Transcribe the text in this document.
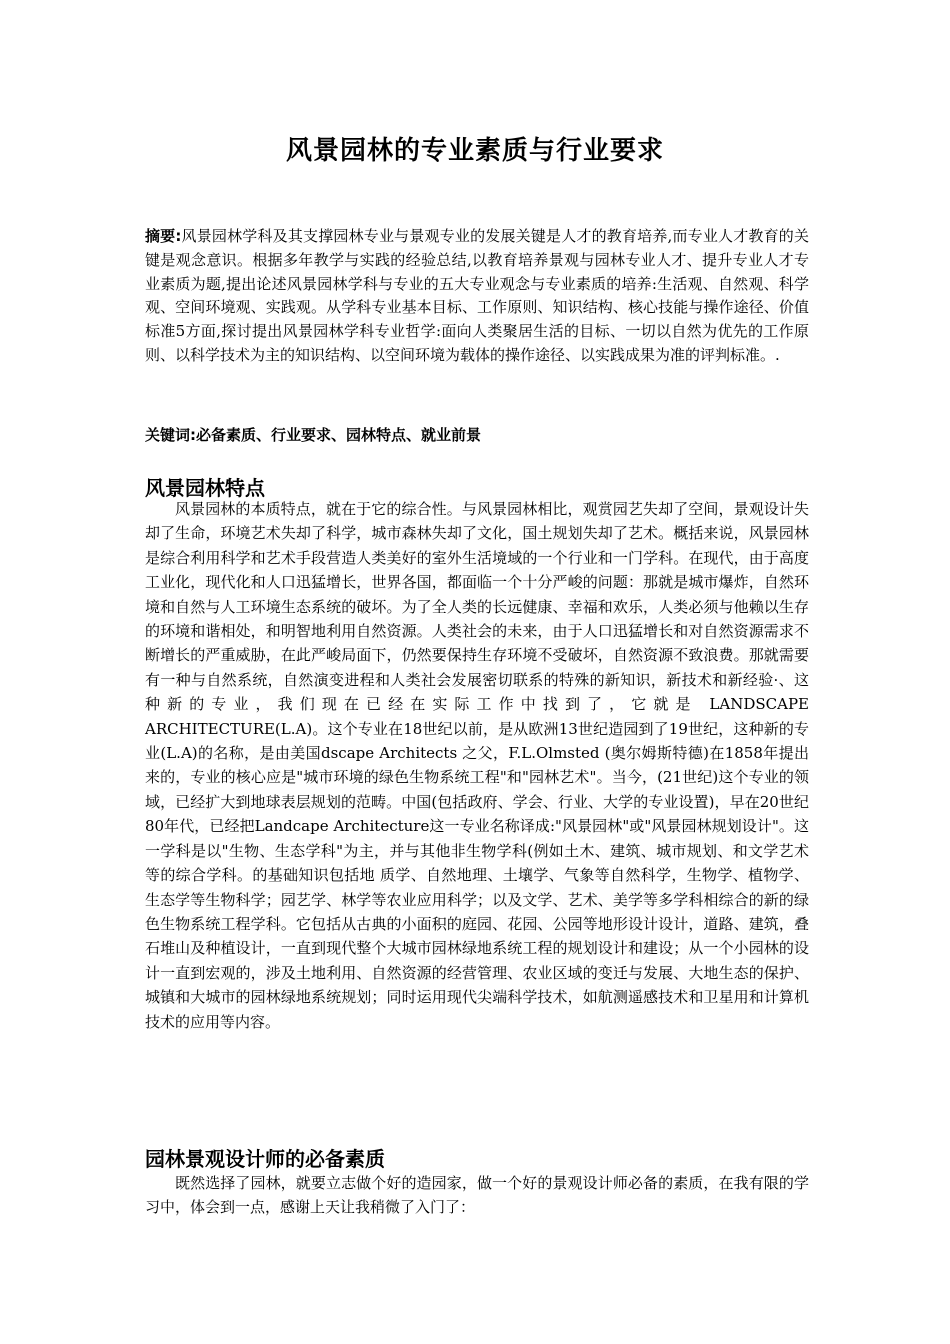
风景园林的专业素质与行业要求
摘要:风景园林学科及其支撑园林专业与景观专业的发展关键是人才的教育培养,而专业人才教育的关键是观念意识。根据多年教学与实践的经验总结,以教育培养景观与园林专业人才、提升专业人才专业素质为题,提出论述风景园林学科与专业的五大专业观念与专业素质的培养:生活观、自然观、科学观、空间环境观、实践观。从学科专业基本目标、工作原则、知识结构、核心技能与操作途径、价值标准5方面,探讨提出风景园林学科专业哲学:面向人类聚居生活的目标、一切以自然为优先的工作原则、以科学技术为主的知识结构、以空间环境为载体的操作途径、以实践成果为准的评判标准。.
关键词:必备素质、行业要求、园林特点、就业前景
风景园林特点
风景园林的本质特点，就在于它的综合性。与风景园林相比，观赏园艺失却了空间，景观设计失却了生命，环境艺术失却了科学，城市森林失却了文化，国土规划失却了艺术。概括来说，风景园林是综合利用科学和艺术手段营造人类美好的室外生活境域的一个行业和一门学科。在现代，由于高度工业化，现代化和人口迅猛增长，世界各国，都面临一个十分严峻的问题：那就是城市爆炸，自然环境和自然与人工环境生态系统的破坏。为了全人类的长远健康、幸福和欢乐，人类必须与他赖以生存的环境和谐相处，和明智地利用自然资源。人类社会的未来，由于人口迅猛增长和对自然资源需求不断增长的严重威胁，在此严峻局面下，仍然要保持生存环境不受破坏，自然资源不致浪费。那就需要有一种与自然系统，自然演变进程和人类社会发展密切联系的特殊的新知识，新技术和新经验·、这种新的专业，我们现在已经在实际工作中找到了，它就是 LANDSCAPE ARCHITECTURE(L.A)。这个专业在18世纪以前，是从欧洲13世纪造园到了19世纪，这种新的专业(L.A)的名称，是由美国dscape Architects 之父，F.L.Olmsted (奥尔姆斯特德)在1858年提出来的，专业的核心应是"城市环境的绿色生物系统工程"和"园林艺术"。当今，(21世纪)这个专业的领域，已经扩大到地球表层规划的范畴。中国(包括政府、学会、行业、大学的专业设置)，早在20世纪80年代，已经把Landcape Architecture这一专业名称译成:"风景园林"或"风景园林规划设计"。这一学科是以"生物、生态学科"为主，并与其他非生物学科(例如土木、建筑、城市规划、和文学艺术等的综合学科。的基础知识包括地 质学、自然地理、土壤学、气象等自然科学，生物学、植物学、生态学等生物科学；园艺学、林学等农业应用科学；以及文学、艺术、美学等多学科相综合的新的绿色生物系统工程学科。它包括从古典的小面积的庭园、花园、公园等地形设计设计，道路、建筑，叠石堆山及种植设计，一直到现代整个大城市园林绿地系统工程的规划设计和建设；从一个小园林的设计一直到宏观的，涉及土地利用、自然资源的经营管理、农业区域的变迁与发展、大地生态的保护、城镇和大城市的园林绿地系统规划；同时运用现代尖端科学技术，如航测遥感技术和卫星用和计算机技术的应用等内容。
园林景观设计师的必备素质
既然选择了园林，就要立志做个好的造园家，做一个好的景观设计师必备的素质，在我有限的学习中，体会到一点，感谢上天让我稍微了入门了：
